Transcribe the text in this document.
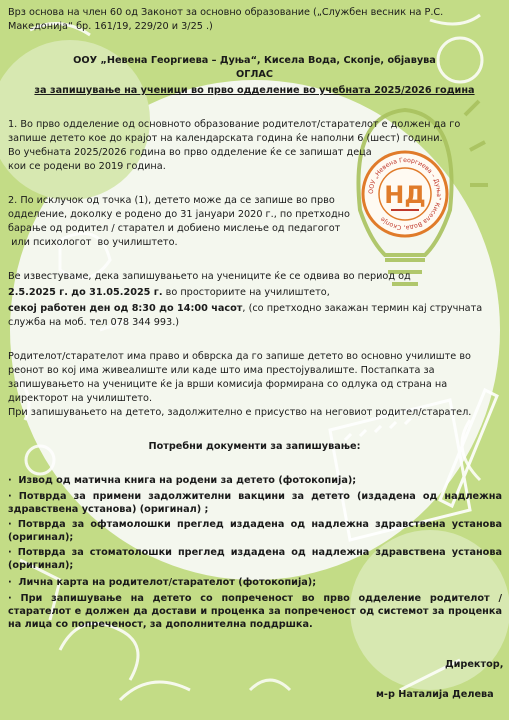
Врз основа на член 60 од Законот за основно образование („Службен весник на Р.С.
Македонија“ бр. 161/19, 229/20 и 3/25 .)
ООУ „Невена Георгиева – Дуња“, Кисела Вода, Скопје, објавува
ОГЛАС
за запишување на ученици во прво одделение во учебната 2025/2026 година
1. Во прво одделение од основното образование родителот/старателот е должен да го
запише детето кое до крајот на календарската година ќе наполни 6 (шест) години.
Во учебната 2025/2026 година во прво одделение ќе се запишат деца
кои се родени во 2019 година.
2. По исклучок од точка (1), детето може да се запише во прво
одделение, доколку е родено до 31 јануари 2020 г., по претходно
барање од родител / старател и добиено мислење од педагогот
или психологот  во училиштето.
Ве известуваме, дека запишувањето на учениците ќе се одвива во период од
2.5.2025 г. до 31.05.2025 г. во просториите на училиштето,
секој работен ден од 8:30 до 14:00 часот, (со претходно закажан термин кај стручната
служба на моб. тел 078 344 993.)
Родителот/старателот има право и обврска да го запише детето во основно училиште во
реонот во кој има живеалиште или каде што има престојувалиште. Постапката за
запишувањето на учениците ќе ја врши комисија формирана со одлука од страна на
директорот на училиштето.
При запишувањето на детето, задолжително е присуство на неговиот родител/старател.
Потребни документи за запишување:
·  Извод од матична книга на родени за детето (фотокопија);
· Потврда за примени задолжителни вакцини за детето (издадена од надлежна здравствена установа) (оригинал) ;
· Потврда за офтамолошки преглед издадена од надлежна здравствена установа (оригинал);
· Потврда за стоматолошки преглед издадена од надлежна здравствена установа (оригинал);
·  Лична карта на родителот/старателот (фотокопија);
· При запишување на детето со попреченост во прво одделение родителот / старателот е должен да достави и проценка за попреченост од системот за проценка на лица со попреченост, за дополнителна поддршка.
Директор,
м-р Наталија Делева
ООУ „Невена Георгиева – Дуња“ Кисела Вода, Скопје
НД
